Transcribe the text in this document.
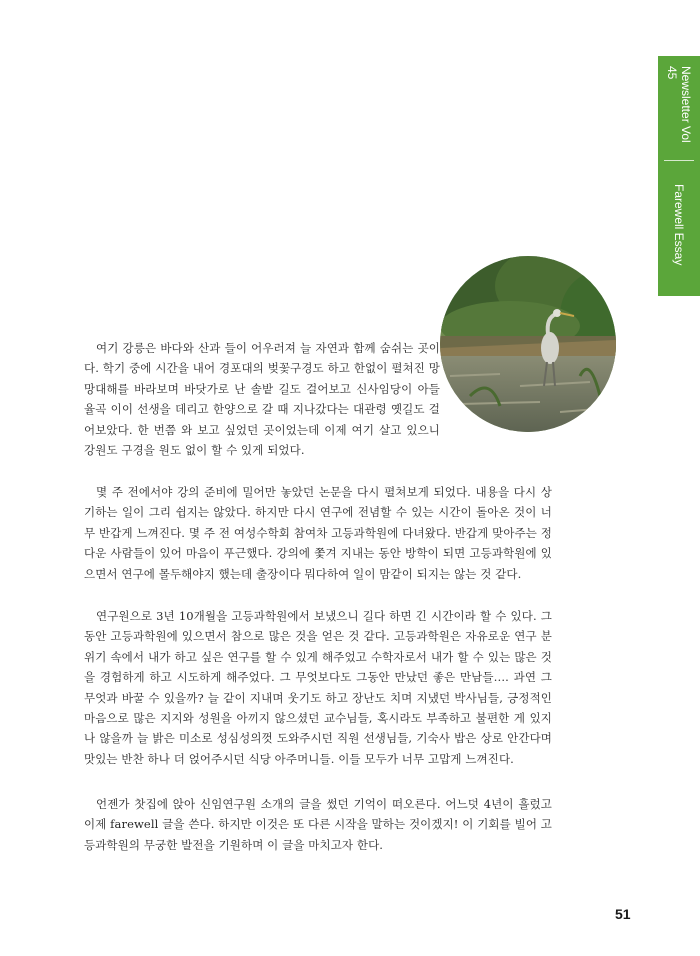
Newsletter Vol 45
Farewell Essay

여기 강릉은 바다와 산과 들이 어우러져 늘 자연과 함께 숨쉬는 곳이다. 학기 중에 시간을 내어 경포대의 벚꽃구경도 하고 한없이 펼쳐진 망망대해를 바라보며 바닷가로 난 솔밭 길도 걸어보고 신사임당이 아들 율곡 이이 선생을 데리고 한양으로 갈 때 지나갔다는 대관령 옛길도 걸어보았다. 한 번쯤 와 보고 싶었던 곳이었는데 이제 여기 살고 있으니 강원도 구경을 원도 없이 할 수 있게 되었다.

몇 주 전에서야 강의 준비에 밀어만 놓았던 논문을 다시 펼쳐보게 되었다. 내용을 다시 상기하는 일이 그리 쉽지는 않았다. 하지만 다시 연구에 전념할 수 있는 시간이 돌아온 것이 너무 반갑게 느껴진다. 몇 주 전 여성수학회 참여차 고등과학원에 다녀왔다. 반갑게 맞아주는 정다운 사람들이 있어 마음이 푸근했다. 강의에 쫓겨 지내는 동안 방학이 되면 고등과학원에 있으면서 연구에 몰두해야지 했는데 출장이다 뭐다하여 일이 맘같이 되지는 않는 것 같다.

연구원으로 3년 10개월을 고등과학원에서 보냈으니 길다 하면 긴 시간이라 할 수 있다. 그동안 고등과학원에 있으면서 참으로 많은 것을 얻은 것 같다. 고등과학원은 자유로운 연구 분위기 속에서 내가 하고 싶은 연구를 할 수 있게 해주었고 수학자로서 내가 할 수 있는 많은 것을 경험하게 하고 시도하게 해주었다. 그 무엇보다도 그동안 만났던 좋은 만남들…. 과연 그 무엇과 바꿀 수 있을까? 늘 같이 지내며 웃기도 하고 장난도 치며 지냈던 박사님들, 긍정적인 마음으로 많은 지지와 성원을 아끼지 않으셨던 교수님들, 혹시라도 부족하고 불편한 게 있지나 않을까 늘 밝은 미소로 성심성의껏 도와주시던 직원 선생님들, 기숙사 밥은 상로 안간다며 맛있는 반찬 하나 더 얹어주시던 식당 아주머니들. 이들 모두가 너무 고맙게 느껴진다.

언젠가 찻집에 앉아 신임연구원 소개의 글을 썼던 기억이 떠오른다. 어느덧 4년이 흘렀고 이제 farewell 글을 쓴다. 하지만 이것은 또 다른 시작을 말하는 것이겠지! 이 기회를 빌어 고등과학원의 무궁한 발전을 기원하며 이 글을 마치고자 한다.

51
